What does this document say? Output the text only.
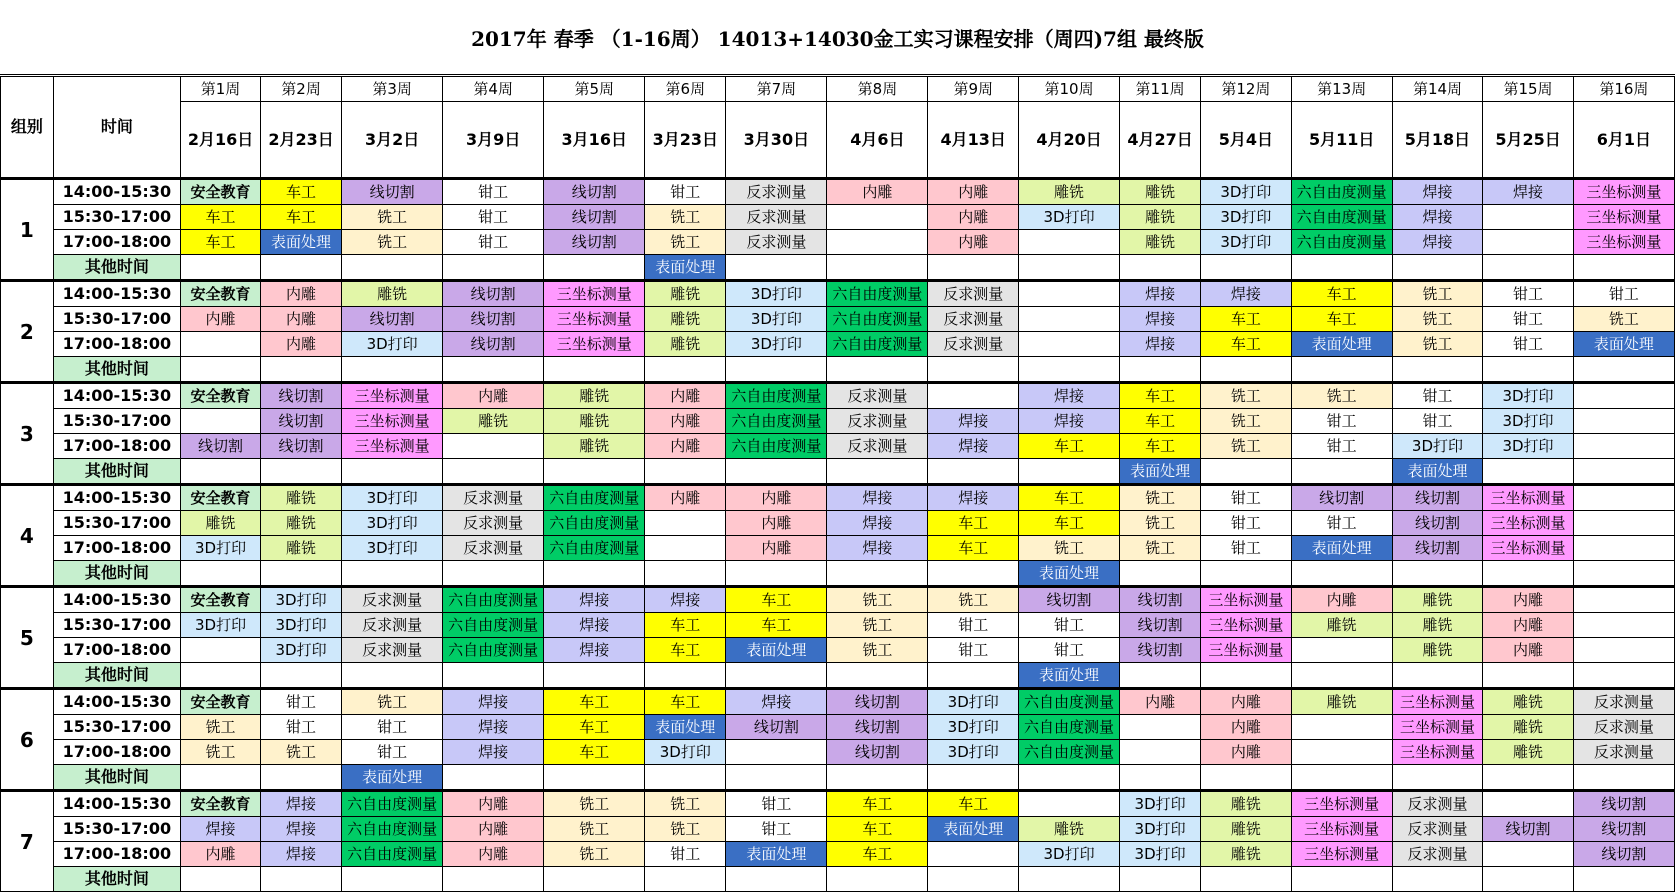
2017年 春季 （1-16周） 14013+14030金工实习课程安排（周四)7组 最终版
组别	时间	第1周	第2周	第3周	第4周	第5周	第6周	第7周	第8周	第9周	第10周	第11周	第12周	第13周	第14周	第15周	第16周
		2月16日	2月23日	3月2日	3月9日	3月16日	3月23日	3月30日	4月6日	4月13日	4月20日	4月27日	5月4日	5月11日	5月18日	5月25日	6月1日
1	14:00-15:30	安全教育	车工	线切割	钳工	线切割	钳工	反求测量	内雕	内雕	雕铣	雕铣	3D打印	六自由度测量	焊接	焊接	三坐标测量
	15:30-17:00	车工	车工	铣工	钳工	线切割	铣工	反求测量		内雕	3D打印	雕铣	3D打印	六自由度测量	焊接		三坐标测量
	17:00-18:00	车工	表面处理	铣工	钳工	线切割	铣工	反求测量		内雕		雕铣	3D打印	六自由度测量	焊接		三坐标测量
	其他时间						表面处理										
2	14:00-15:30	安全教育	内雕	雕铣	线切割	三坐标测量	雕铣	3D打印	六自由度测量	反求测量		焊接	焊接	车工	铣工	钳工	钳工
	15:30-17:00	内雕	内雕	线切割	线切割	三坐标测量	雕铣	3D打印	六自由度测量	反求测量		焊接	车工	车工	铣工	钳工	铣工
	17:00-18:00		内雕	3D打印	线切割	三坐标测量	雕铣	3D打印	六自由度测量	反求测量		焊接	车工	表面处理	铣工	钳工	表面处理
	其他时间																
3	14:00-15:30	安全教育	线切割	三坐标测量	内雕	雕铣	内雕	六自由度测量	反求测量		焊接	车工	铣工	铣工	钳工	3D打印	
	15:30-17:00		线切割	三坐标测量	雕铣	雕铣	内雕	六自由度测量	反求测量	焊接	焊接	车工	铣工	钳工	钳工	3D打印	
	17:00-18:00	线切割	线切割	三坐标测量		雕铣	内雕	六自由度测量	反求测量	焊接	车工	车工	铣工	钳工	3D打印	3D打印	
	其他时间											表面处理			表面处理		
4	14:00-15:30	安全教育	雕铣	3D打印	反求测量	六自由度测量	内雕	内雕	焊接	焊接	车工	铣工	钳工	线切割	线切割	三坐标测量	
	15:30-17:00	雕铣	雕铣	3D打印	反求测量	六自由度测量		内雕	焊接	车工	车工	铣工	钳工	钳工	线切割	三坐标测量	
	17:00-18:00	3D打印	雕铣	3D打印	反求测量	六自由度测量		内雕	焊接	车工	铣工	铣工	钳工	表面处理	线切割	三坐标测量	
	其他时间										表面处理						
5	14:00-15:30	安全教育	3D打印	反求测量	六自由度测量	焊接	焊接	车工	铣工	铣工	线切割	线切割	三坐标测量	内雕	雕铣	内雕	
	15:30-17:00	3D打印	3D打印	反求测量	六自由度测量	焊接	车工	车工	铣工	钳工	钳工	线切割	三坐标测量	雕铣	雕铣	内雕	
	17:00-18:00		3D打印	反求测量	六自由度测量	焊接	车工	表面处理	铣工	钳工	钳工	线切割	三坐标测量		雕铣	内雕	
	其他时间										表面处理						
6	14:00-15:30	安全教育	钳工	铣工	焊接	车工	车工	焊接	线切割	3D打印	六自由度测量	内雕	内雕	雕铣	三坐标测量	雕铣	反求测量
	15:30-17:00	铣工	钳工	钳工	焊接	车工	表面处理	线切割	线切割	3D打印	六自由度测量		内雕		三坐标测量	雕铣	反求测量
	17:00-18:00	铣工	铣工	钳工	焊接	车工	3D打印		线切割	3D打印	六自由度测量		内雕		三坐标测量	雕铣	反求测量
	其他时间			表面处理													
7	14:00-15:30	安全教育	焊接	六自由度测量	内雕	铣工	铣工	钳工	车工	车工		3D打印	雕铣	三坐标测量	反求测量		线切割
	15:30-17:00	焊接	焊接	六自由度测量	内雕	铣工	铣工	钳工	车工	表面处理	雕铣	3D打印	雕铣	三坐标测量	反求测量	线切割	线切割
	17:00-18:00	内雕	焊接	六自由度测量	内雕	铣工	钳工	表面处理	车工		3D打印	3D打印	雕铣	三坐标测量	反求测量		线切割
	其他时间																
